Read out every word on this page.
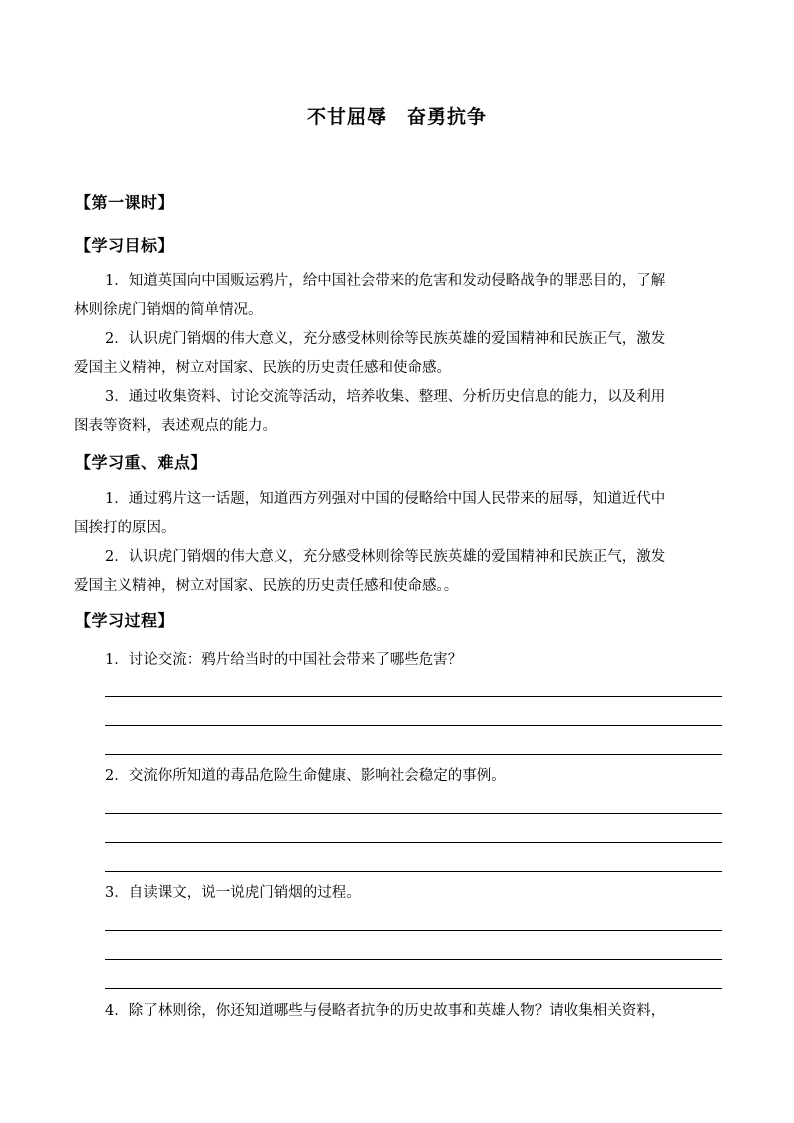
不甘屈辱　奋勇抗争
【第一课时】
【学习目标】
1．知道英国向中国贩运鸦片，给中国社会带来的危害和发动侵略战争的罪恶目的，了解
林则徐虎门销烟的简单情况。
2．认识虎门销烟的伟大意义，充分感受林则徐等民族英雄的爱国精神和民族正气，激发
爱国主义精神，树立对国家、民族的历史责任感和使命感。
3．通过收集资料、讨论交流等活动，培养收集、整理、分析历史信息的能力，以及利用
图表等资料，表述观点的能力。
【学习重、难点】
1．通过鸦片这一话题，知道西方列强对中国的侵略给中国人民带来的屈辱，知道近代中
国挨打的原因。
2．认识虎门销烟的伟大意义，充分感受林则徐等民族英雄的爱国精神和民族正气，激发
爱国主义精神，树立对国家、民族的历史责任感和使命感。。
【学习过程】
1．讨论交流：鸦片给当时的中国社会带来了哪些危害？
2．交流你所知道的毒品危险生命健康、影响社会稳定的事例。
3．自读课文，说一说虎门销烟的过程。
4．除了林则徐，你还知道哪些与侵略者抗争的历史故事和英雄人物？请收集相关资料，
